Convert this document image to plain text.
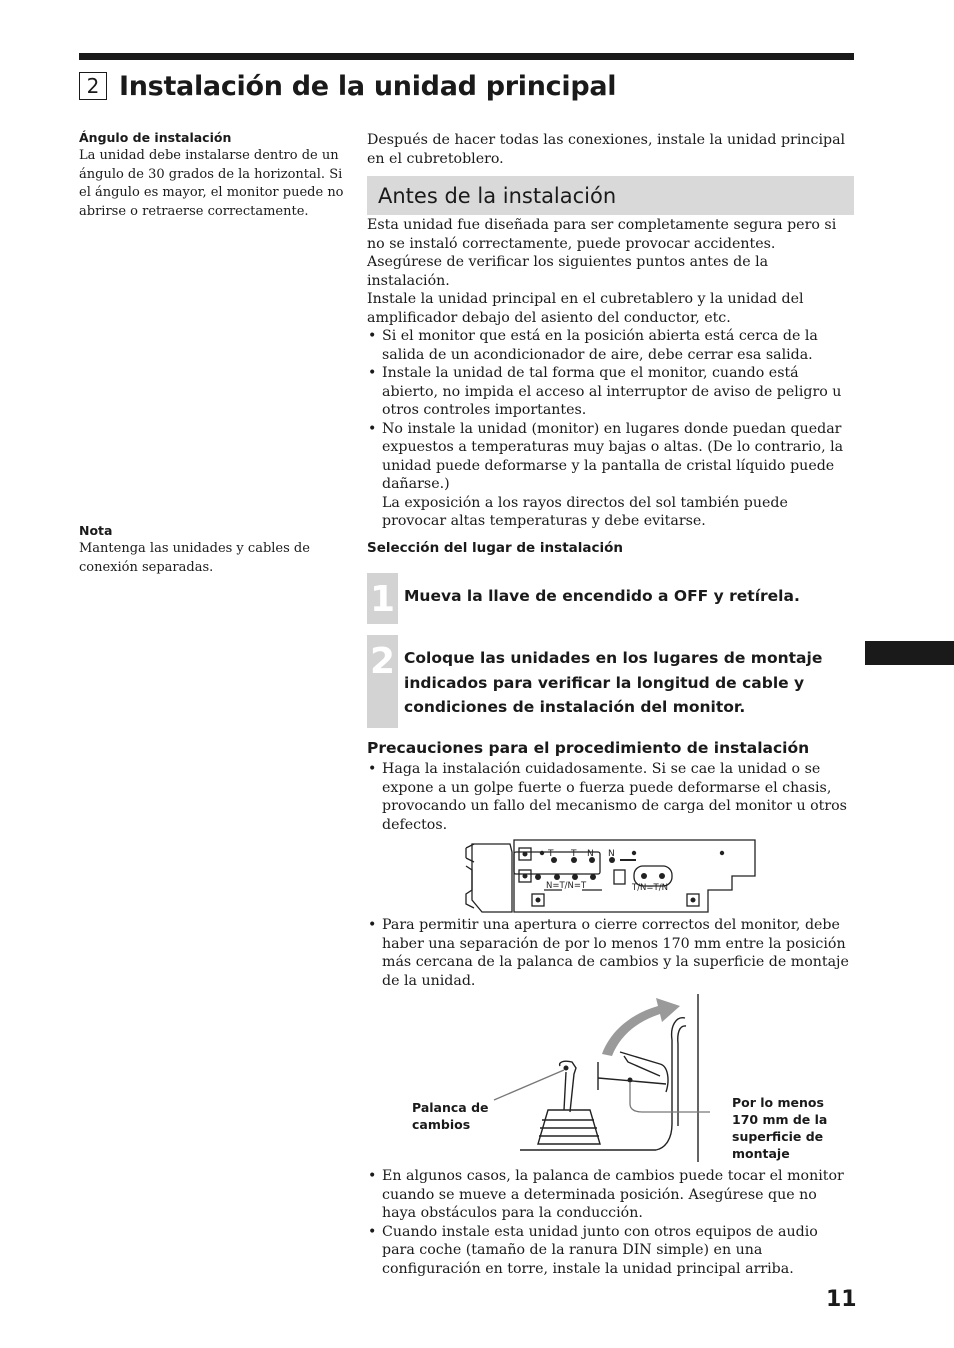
2 Instalación de la unidad principal
Ángulo de instalación

La unidad debe instalarse dentro de un ángulo de 30 grados de la horizontal. Si el ángulo es mayor, el monitor puede no abrirse o retraerse correctamente.

Nota

Mantenga las unidades y cables de conexión separadas.

Después de hacer todas las conexiones, instale la unidad principal en el cubretoblero.

Antes de la instalación

Esta unidad fue diseñada para ser completamente segura pero si no se instaló correctamente, puede provocar accidentes. Asegúrese de verificar los siguientes puntos antes de la instalación.

Instale la unidad principal en el cubretablero y la unidad del amplificador debajo del asiento del conductor, etc.

• Si el monitor que está en la posición abierta está cerca de la salida de un acondicionador de aire, debe cerrar esa salida.
• Instale la unidad de tal forma que el monitor, cuando está abierto, no impida el acceso al interruptor de aviso de peligro u otros controles importantes.
• No instale la unidad (monitor) en lugares donde puedan quedar expuestos a temperaturas muy bajas o altas. (De lo contrario, la unidad puede deformarse y la pantalla de cristal líquido puede dañarse.)
La exposición a los rayos directos del sol también puede provocar altas temperaturas y debe evitarse.
Selección del lugar de instalación
1 Mueva la llave de encendido a OFF y retírela.
2 Coloque las unidades en los lugares de montaje indicados para verificar la longitud de cable y condiciones de instalación del monitor.
Precauciones para el procedimiento de instalación
• Haga la instalación cuidadosamente. Si se cae la unidad o se expone a un golpe fuerte o fuerza puede deformarse el chasis, provocando un fallo del mecanismo de carga del monitor u otros defectos.
T T N N
N=T/N=T	T/N=T/N
• Para permitir una apertura o cierre correctos del monitor, debe haber una separación de por lo menos 170 mm entre la posición más cercana de la palanca de cambios y la superficie de montaje de la unidad.
Palanca de cambios
Por lo menos 170 mm de la superficie de montaje
• En algunos casos, la palanca de cambios puede tocar el monitor cuando se mueve a determinada posición. Asegúrese que no haya obstáculos para la conducción.
• Cuando instale esta unidad junto con otros equipos de audio para coche (tamaño de la ranura DIN simple) en una configuración en torre, instale la unidad principal arriba.
11
